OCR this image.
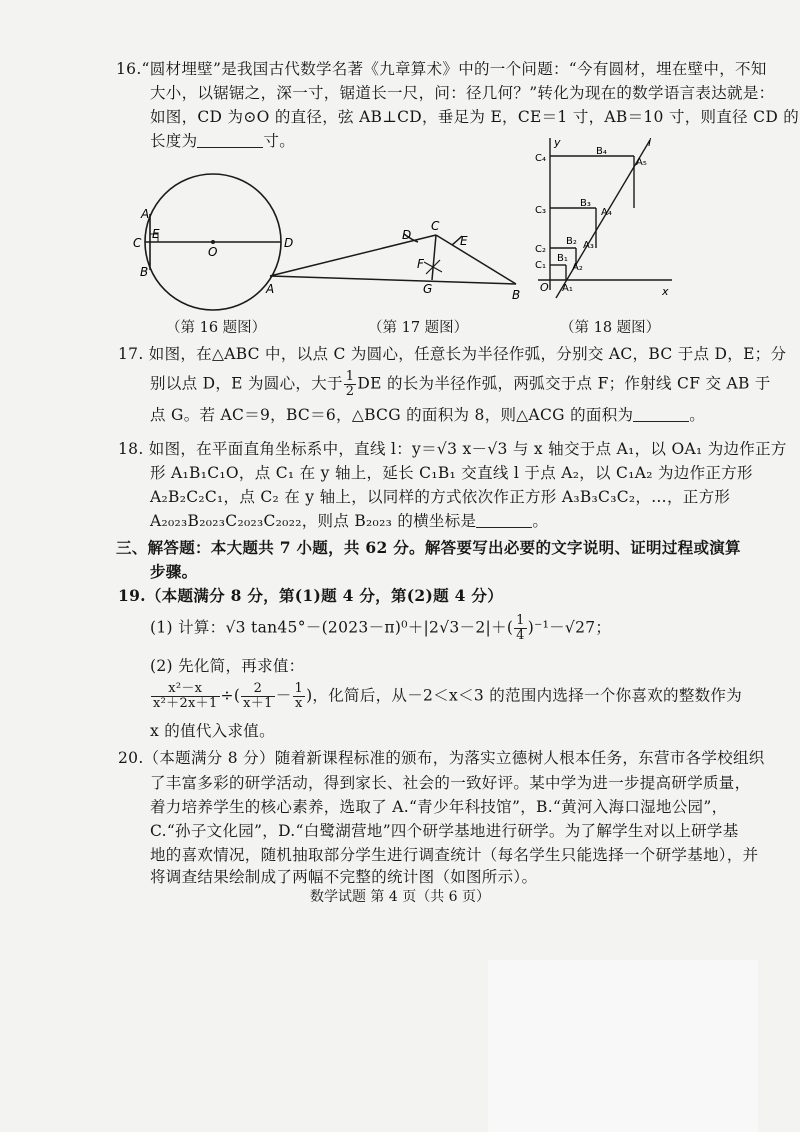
16.“圆材埋壁”是我国古代数学名著《九章算术》中的一个问题：“今有圆材，埋在壁中，不知
大小，以锯锯之，深一寸，锯道长一尺，问：径几何？”转化为现在的数学语言表达就是：
如图，CD 为⊙O 的直径，弦 AB⊥CD，垂足为 E，CE＝1 寸，AB＝10 寸，则直径 CD 的
长度为	寸。
A
C
E
O
D
B
A	B
C
D	E
F
G
y	l
x
O
C₄
C₃
C₂
C₁
B₄
B₃
B₂
B₁
A₁
A₂
A₃
A₄
A₅
（第 16 题图）	（第 17 题图）	（第 18 题图）
17. 如图，在△ABC 中，以点 C 为圆心，任意长为半径作弧，分别交 AC，BC 于点 D，E；分
别以点 D，E 为圆心，大于 $\frac{1}{2}$ DE 的长为半径作弧，两弧交于点 F；作射线 CF 交 AB 于
点 G。若 AC＝9，BC＝6，△BCG 的面积为 8，则△ACG 的面积为	。
18. 如图，在平面直角坐标系中，直线 l：y＝√3 x－√3 与 x 轴交于点 A₁，以 OA₁ 为边作正方
形 A₁B₁C₁O，点 C₁ 在 y 轴上，延长 C₁B₁ 交直线 l 于点 A₂，以 C₁A₂ 为边作正方形
A₂B₂C₂C₁，点 C₂ 在 y 轴上，以同样的方式依次作正方形 A₃B₃C₃C₂，…，正方形
A₂₀₂₃B₂₀₂₃C₂₀₂₃C₂₀₂₂，则点 B₂₀₂₃ 的横坐标是	。
三、解答题：本大题共 7 小题，共 62 分。解答要写出必要的文字说明、证明过程或演算
步骤。
19.（本题满分 8 分，第(1)题 4 分，第(2)题 4 分）
(1) 计算：√3 $\tan 45^\circ-(2023-\pi)^0+|2√3-2|+( \frac{1}{4} )^{-1}-√27$；
(2) 先化简，再求值：
$\frac{\text{x²－x}}{\text{x²＋2x＋1}}$ ÷( $\frac{2}{x+1} - \frac{1}{x}$ )，化简后，从－2＜x＜3 的范围内选择一个你喜欢的整数作为
x 的值代入求值。
20.（本题满分 8 分）随着新课程标准的颁布，为落实立德树人根本任务，东营市各学校组织
了丰富多彩的研学活动，得到家长、社会的一致好评。某中学为进一步提高研学质量，
着力培养学生的核心素养，选取了 A.“青少年科技馆”，B.“黄河入海口湿地公园”，
C.“孙子文化园”，D.“白鹭湖营地”四个研学基地进行研学。为了解学生对以上研学基
地的喜欢情况，随机抽取部分学生进行调查统计（每名学生只能选择一个研学基地），并
将调查结果绘制成了两幅不完整的统计图（如图所示）。
数学试题 第 4 页（共 6 页）
